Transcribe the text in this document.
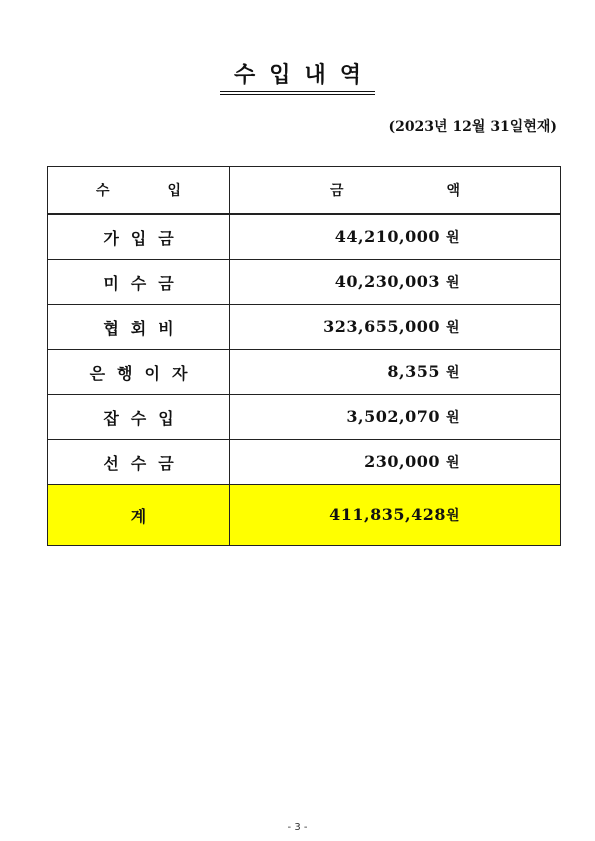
수입내역
(2023년 12월 31일현재)
수 입	금 액

가입금	44,210,000 원
미수금	40,230,003 원
협회비	323,655,000 원
은행이자	8,355 원
잡수입	3,502,070 원
선수금	230,000 원
계	411,835,428원
- 3 -
